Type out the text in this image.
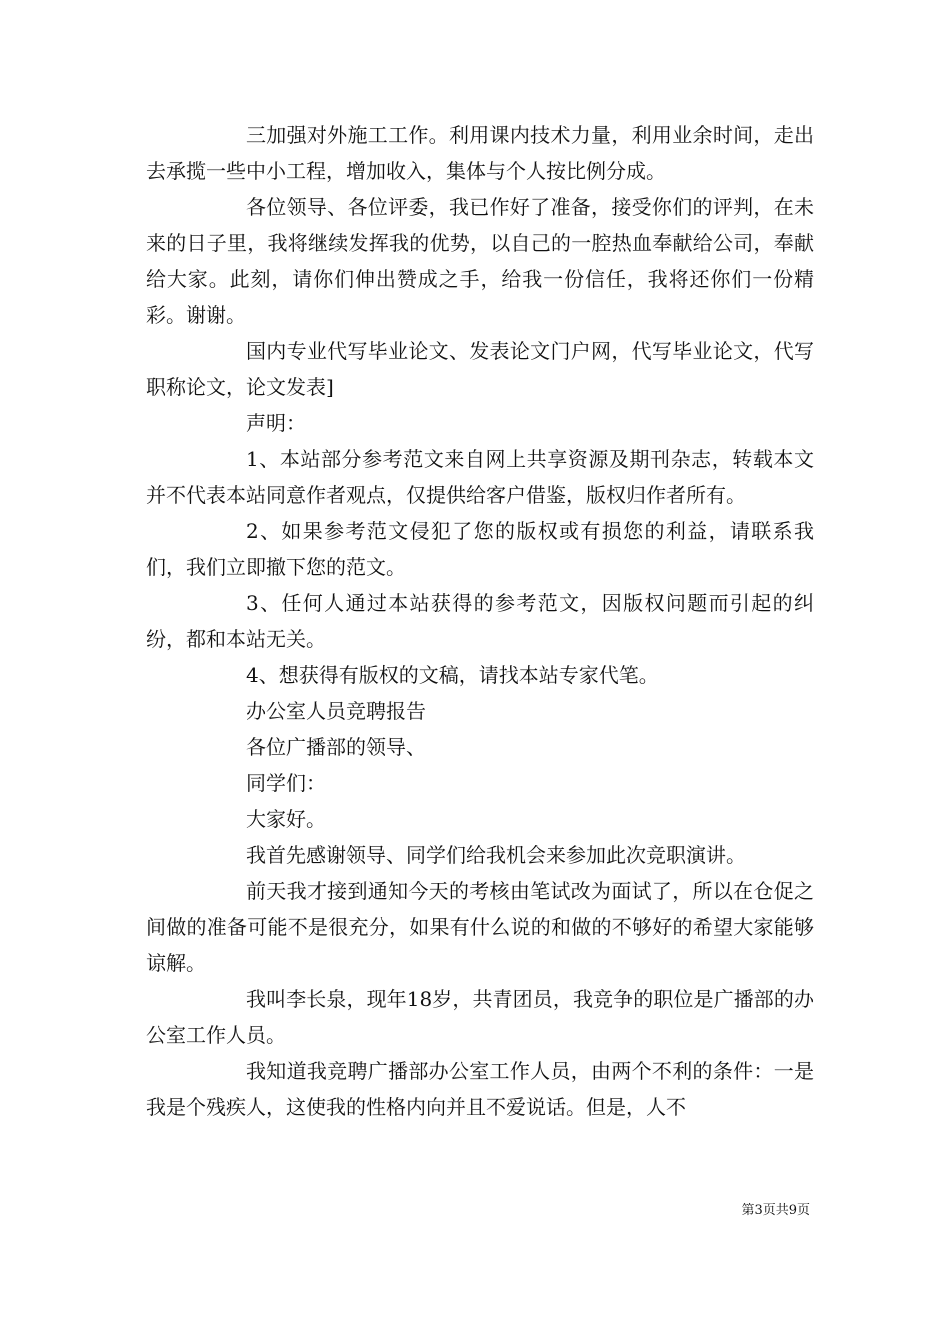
三加强对外施工工作。利用课内技术力量，利用业余时间，走出去承揽一些中小工程，增加收入，集体与个人按比例分成。

各位领导、各位评委，我已作好了准备，接受你们的评判，在未来的日子里，我将继续发挥我的优势，以自己的一腔热血奉献给公司，奉献给大家。此刻，请你们伸出赞成之手，给我一份信任，我将还你们一份精彩。谢谢。

国内专业代写毕业论文、发表论文门户网，代写毕业论文，代写职称论文，论文发表]

声明：

1、本站部分参考范文来自网上共享资源及期刊杂志，转载本文并不代表本站同意作者观点，仅提供给客户借鉴，版权归作者所有。

2、如果参考范文侵犯了您的版权或有损您的利益，请联系我们，我们立即撤下您的范文。

3、任何人通过本站获得的参考范文，因版权问题而引起的纠纷，都和本站无关。

4、想获得有版权的文稿，请找本站专家代笔。

办公室人员竞聘报告

各位广播部的领导、

同学们：

大家好。

我首先感谢领导、同学们给我机会来参加此次竞职演讲。

前天我才接到通知今天的考核由笔试改为面试了，所以在仓促之间做的准备可能不是很充分，如果有什么说的和做的不够好的希望大家能够谅解。

我叫李长泉，现年18岁，共青团员，我竞争的职位是广播部的办公室工作人员。

我知道我竞聘广播部办公室工作人员，由两个不利的条件：一是我是个残疾人，这使我的性格内向并且不爱说话。但是，人不

第3页共9页
